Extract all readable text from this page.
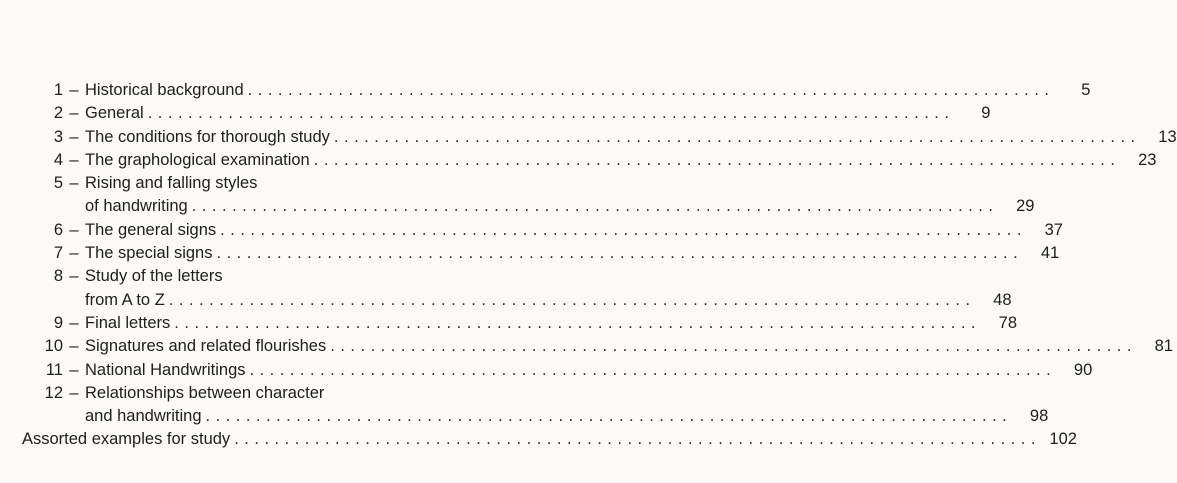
1 – Historical background ................................................................................	5
2 – General ................................................................................	9
3 – The conditions for thorough study ................................................................................	13
4 – The graphological examination ................................................................................	23
5 – Rising and falling styles
of handwriting ................................................................................	29
6 – The general signs ................................................................................	37
7 – The special signs ................................................................................	41
8 – Study of the letters
from A to Z ................................................................................	48
9 – Final letters ................................................................................	78
10 – Signatures and related flourishes ................................................................................	81
11 – National Handwritings ................................................................................	90
12 – Relationships between character
and handwriting ................................................................................	98
Assorted examples for study ................................................................................ 102
